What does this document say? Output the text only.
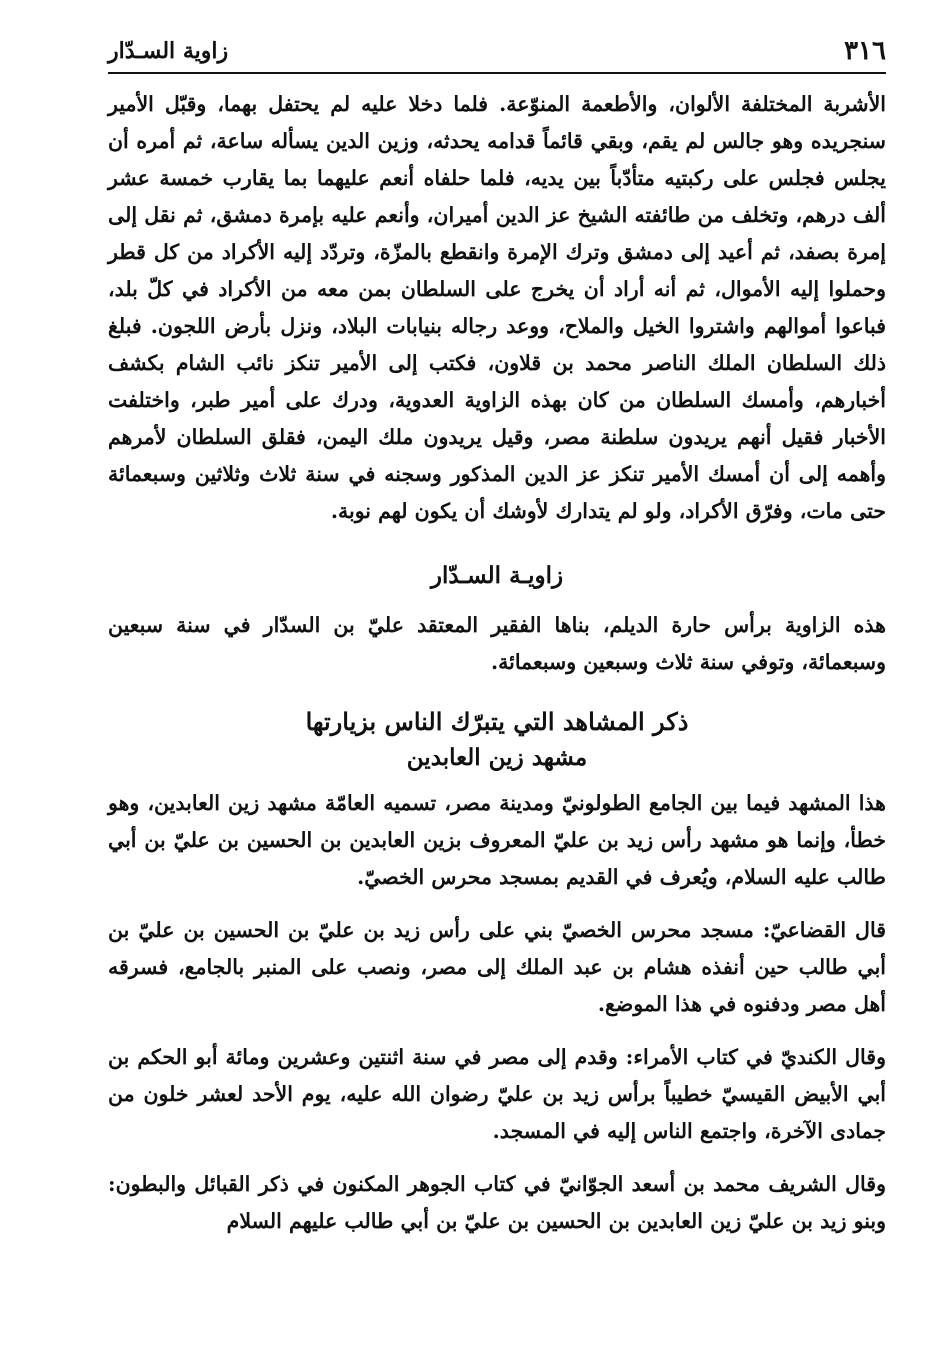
٣١٦
زاوية السـدّار

الأشربة المختلفة الألوان، والأطعمة المنوّعة. فلما دخلا عليه لم يحتفل بهما، وقبّل الأمير سنجريده وهو جالس لم يقم، وبقي قائماً قدامه يحدثه، وزين الدين يسأله ساعة، ثم أمره أن يجلس فجلس على ركبتيه متأدّباً بين يديه، فلما حلفاه أنعم عليهما بما يقارب خمسة عشر ألف درهم، وتخلف من طائفته الشيخ عز الدين أميران، وأنعم عليه بإمرة دمشق، ثم نقل إلى إمرة بصفد، ثم أعيد إلى دمشق وترك الإمرة وانقطع بالمزّة، وتردّد إليه الأكراد من كل قطر وحملوا إليه الأموال، ثم أنه أراد أن يخرج على السلطان بمن معه من الأكراد في كلّ بلد، فباعوا أموالهم واشتروا الخيل والملاح، ووعد رجاله بنيابات البلاد، ونزل بأرض اللجون. فبلغ ذلك السلطان الملك الناصر محمد بن قلاون، فكتب إلى الأمير تنكز نائب الشام بكشف أخبارهم، وأمسك السلطان من كان بهذه الزاوية العدوية، ودرك على أمير طبر، واختلفت الأخبار فقيل أنهم يريدون سلطنة مصر، وقيل يريدون ملك اليمن، فقلق السلطان لأمرهم وأهمه إلى أن أمسك الأمير تنكز عز الدين المذكور وسجنه في سنة ثلاث وثلاثين وسبعمائة حتى مات، وفرّق الأكراد، ولو لم يتدارك لأوشك أن يكون لهم نوبة.

زاويـة السـدّار

هذه الزاوية برأس حارة الديلم، بناها الفقير المعتقد عليّ بن السدّار في سنة سبعين وسبعمائة، وتوفي سنة ثلاث وسبعين وسبعمائة.

ذكر المشاهد التي يتبرّك الناس بزيارتها
مشهد زين العابدين

هذا المشهد فيما بين الجامع الطولونيّ ومدينة مصر، تسميه العامّة مشهد زين العابدين، وهو خطأ، وإنما هو مشهد رأس زيد بن عليّ المعروف بزين العابدين بن الحسين بن عليّ بن أبي طالب عليه السلام، ويُعرف في القديم بمسجد محرس الخصيّ.

قال القضاعيّ: مسجد محرس الخصيّ بني على رأس زيد بن عليّ بن الحسين بن عليّ بن أبي طالب حين أنفذه هشام بن عبد الملك إلى مصر، ونصب على المنبر بالجامع، فسرقه أهل مصر ودفنوه في هذا الموضع.

وقال الكنديّ في كتاب الأمراء: وقدم إلى مصر في سنة اثنتين وعشرين ومائة أبو الحكم بن أبي الأبيض القيسيّ خطيباً برأس زيد بن عليّ رضوان الله عليه، يوم الأحد لعشر خلون من جمادى الآخرة، واجتمع الناس إليه في المسجد.

وقال الشريف محمد بن أسعد الجوّانيّ في كتاب الجوهر المكنون في ذكر القبائل والبطون: وبنو زيد بن عليّ زين العابدين بن الحسين بن عليّ بن أبي طالب عليهم السلام
